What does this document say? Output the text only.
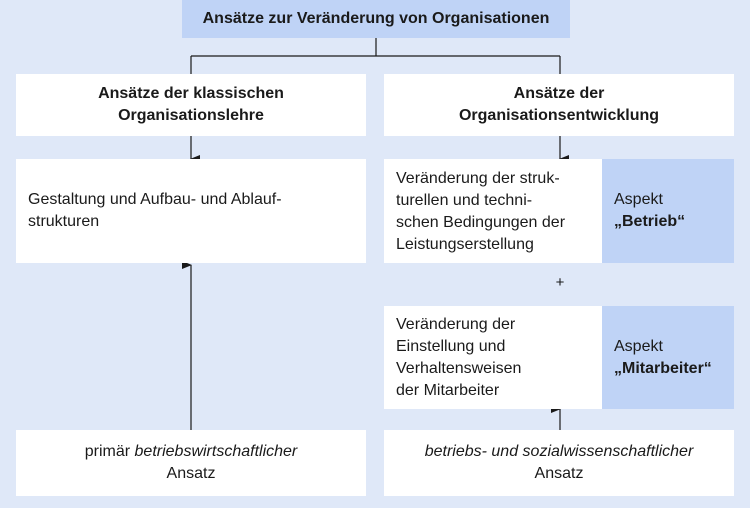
Ansätze zur Veränderung von Organisationen
Ansätze der klassischen
Organisationslehre
Gestaltung und Aufbau- und Ablauf-
strukturen
primär betriebswirtschaftlicher
Ansatz
Ansätze der
Organisationsentwicklung
Veränderung der struk-
turellen und techni-
schen Bedingungen der
Leistungserstellung
Aspekt
„Betrieb“
+
Veränderung der
Einstellung und
Verhaltensweisen
der Mitarbeiter
Aspekt
„Mitarbeiter“
betriebs- und sozialwissenschaftlicher
Ansatz
